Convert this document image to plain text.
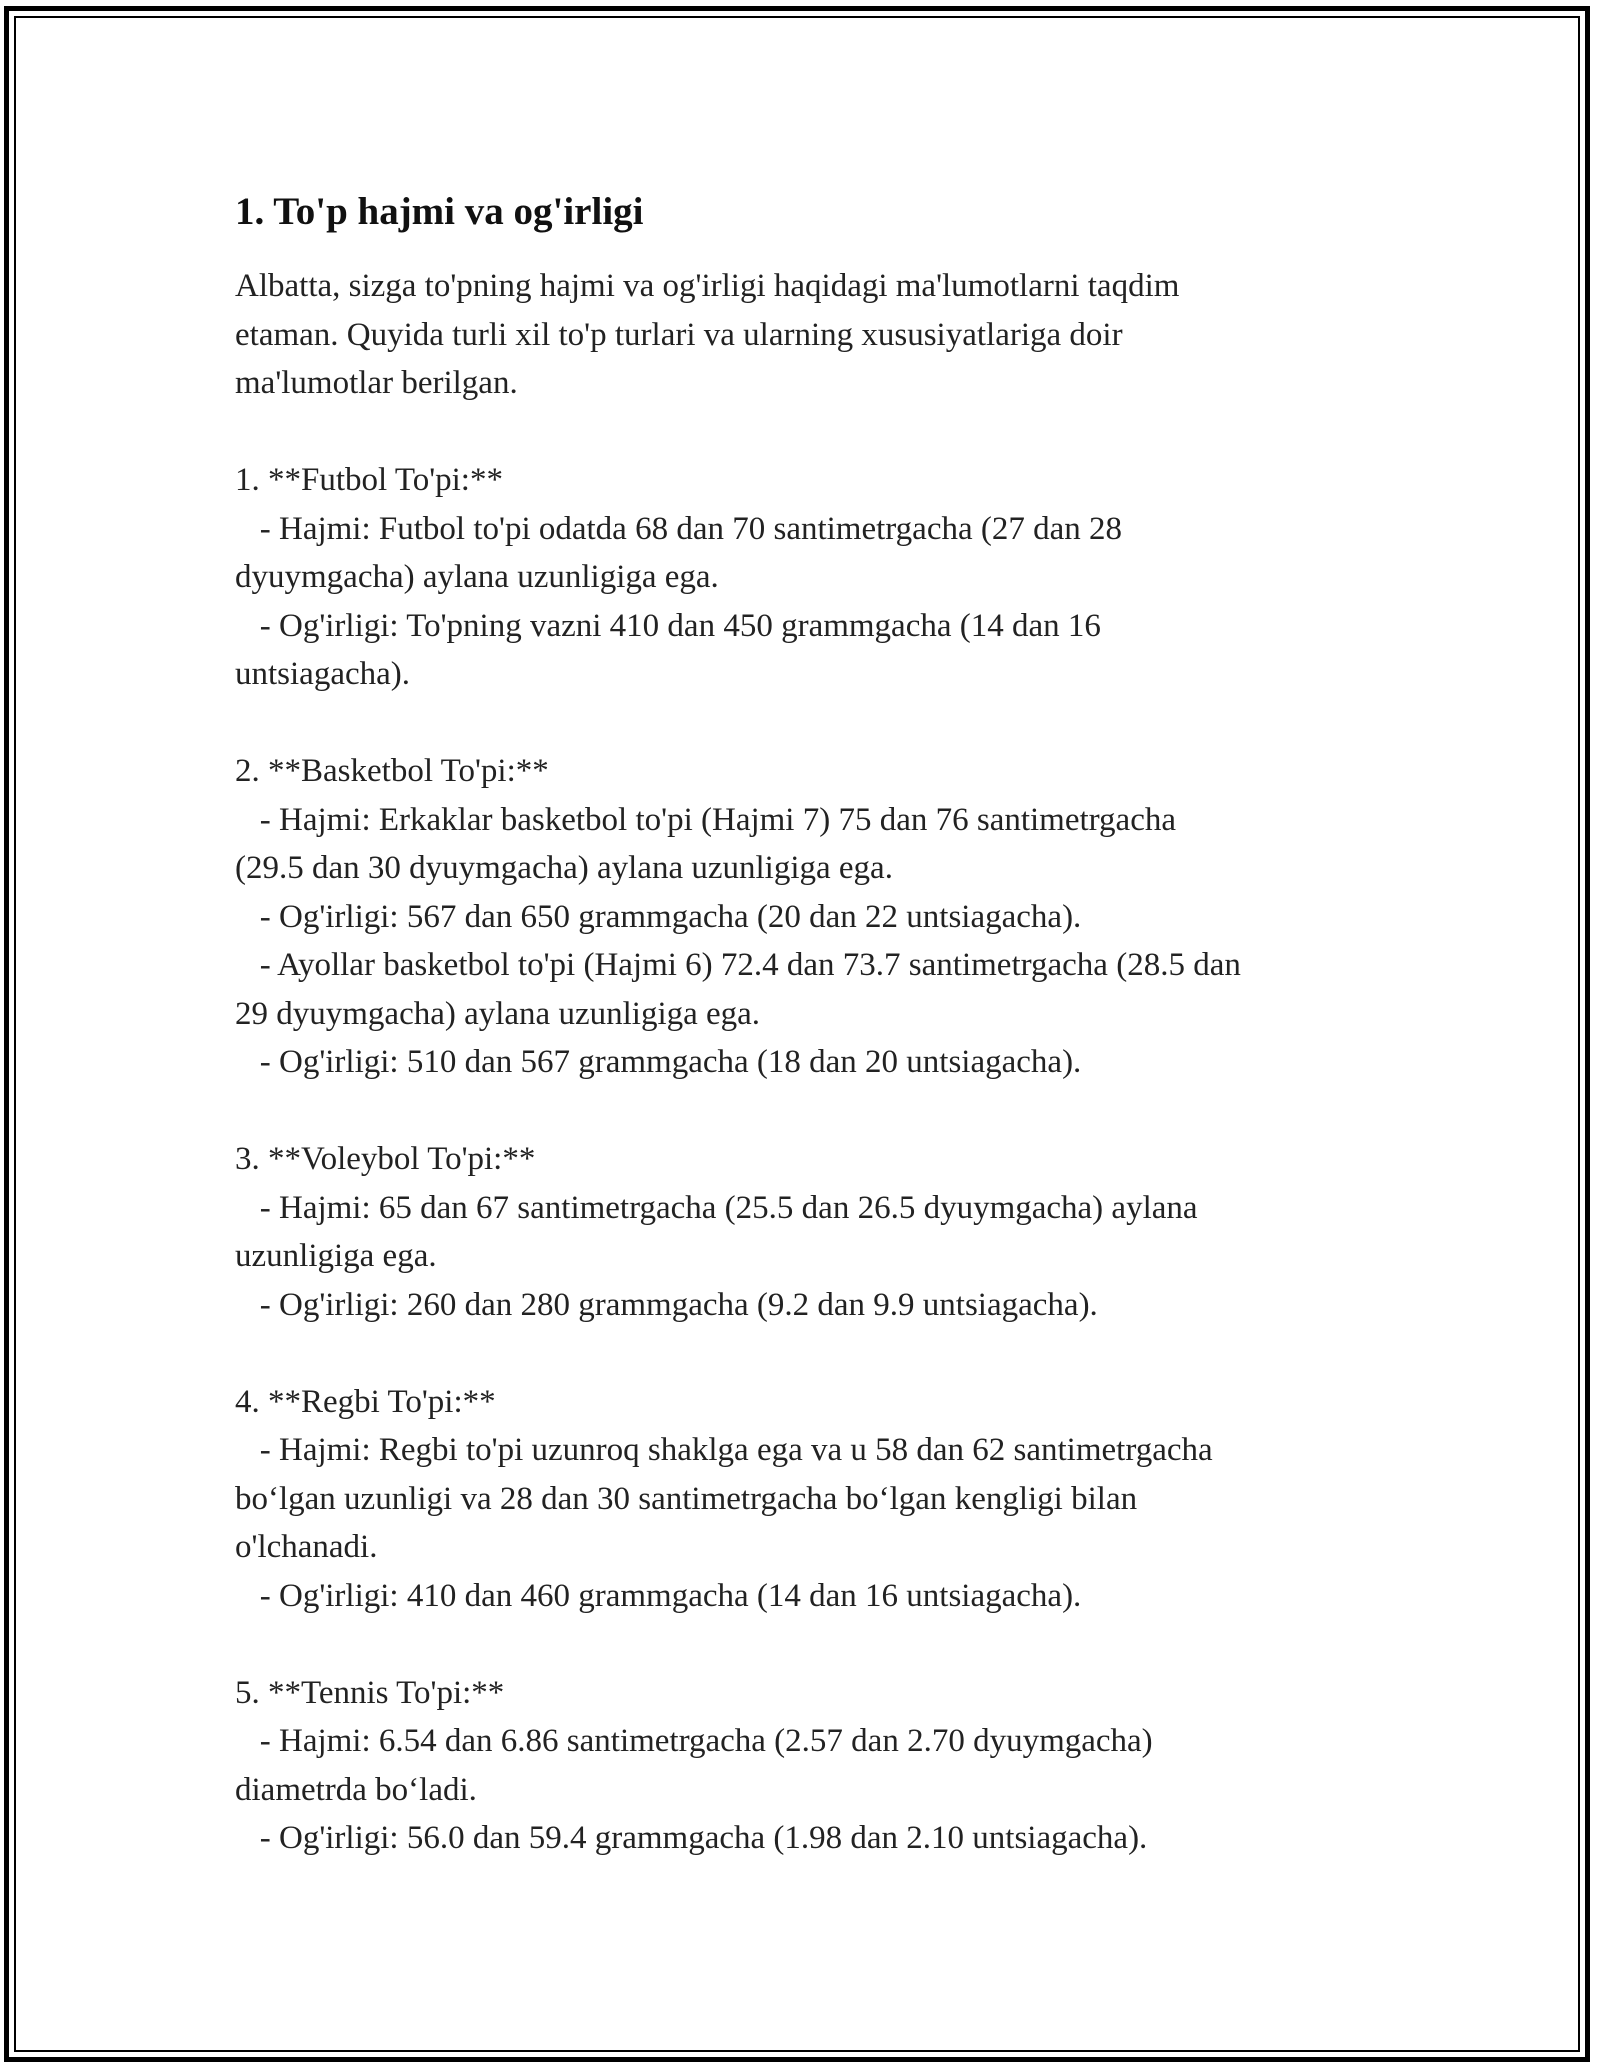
1. To'p hajmi va og'irligi

Albatta, sizga to'pning hajmi va og'irligi haqidagi ma'lumotlarni taqdim
etaman. Quyida turli xil to'p turlari va ularning xususiyatlariga doir
ma'lumotlar berilgan.

1. **Futbol To'pi:**

- Hajmi: Futbol to'pi odatda 68 dan 70 santimetrgacha (27 dan 28
dyuymgacha) aylana uzunligiga ega.
- Og'irligi: To'pning vazni 410 dan 450 grammgacha (14 dan 16
untsiagacha).

2. **Basketbol To'pi:**

- Hajmi: Erkaklar basketbol to'pi (Hajmi 7) 75 dan 76 santimetrgacha
(29.5 dan 30 dyuymgacha) aylana uzunligiga ega.
- Og'irligi: 567 dan 650 grammgacha (20 dan 22 untsiagacha).
- Ayollar basketbol to'pi (Hajmi 6) 72.4 dan 73.7 santimetrgacha (28.5 dan
29 dyuymgacha) aylana uzunligiga ega.
- Og'irligi: 510 dan 567 grammgacha (18 dan 20 untsiagacha).

3. **Voleybol To'pi:**

- Hajmi: 65 dan 67 santimetrgacha (25.5 dan 26.5 dyuymgacha) aylana
uzunligiga ega.
- Og'irligi: 260 dan 280 grammgacha (9.2 dan 9.9 untsiagacha).

4. **Regbi To'pi:**

- Hajmi: Regbi to'pi uzunroq shaklga ega va u 58 dan 62 santimetrgacha
bo‘lgan uzunligi va 28 dan 30 santimetrgacha bo‘lgan kengligi bilan
o'lchanadi.
- Og'irligi: 410 dan 460 grammgacha (14 dan 16 untsiagacha).

5. **Tennis To'pi:**

- Hajmi: 6.54 dan 6.86 santimetrgacha (2.57 dan 2.70 dyuymgacha)
diametrda bo‘ladi.
- Og'irligi: 56.0 dan 59.4 grammgacha (1.98 dan 2.10 untsiagacha).
